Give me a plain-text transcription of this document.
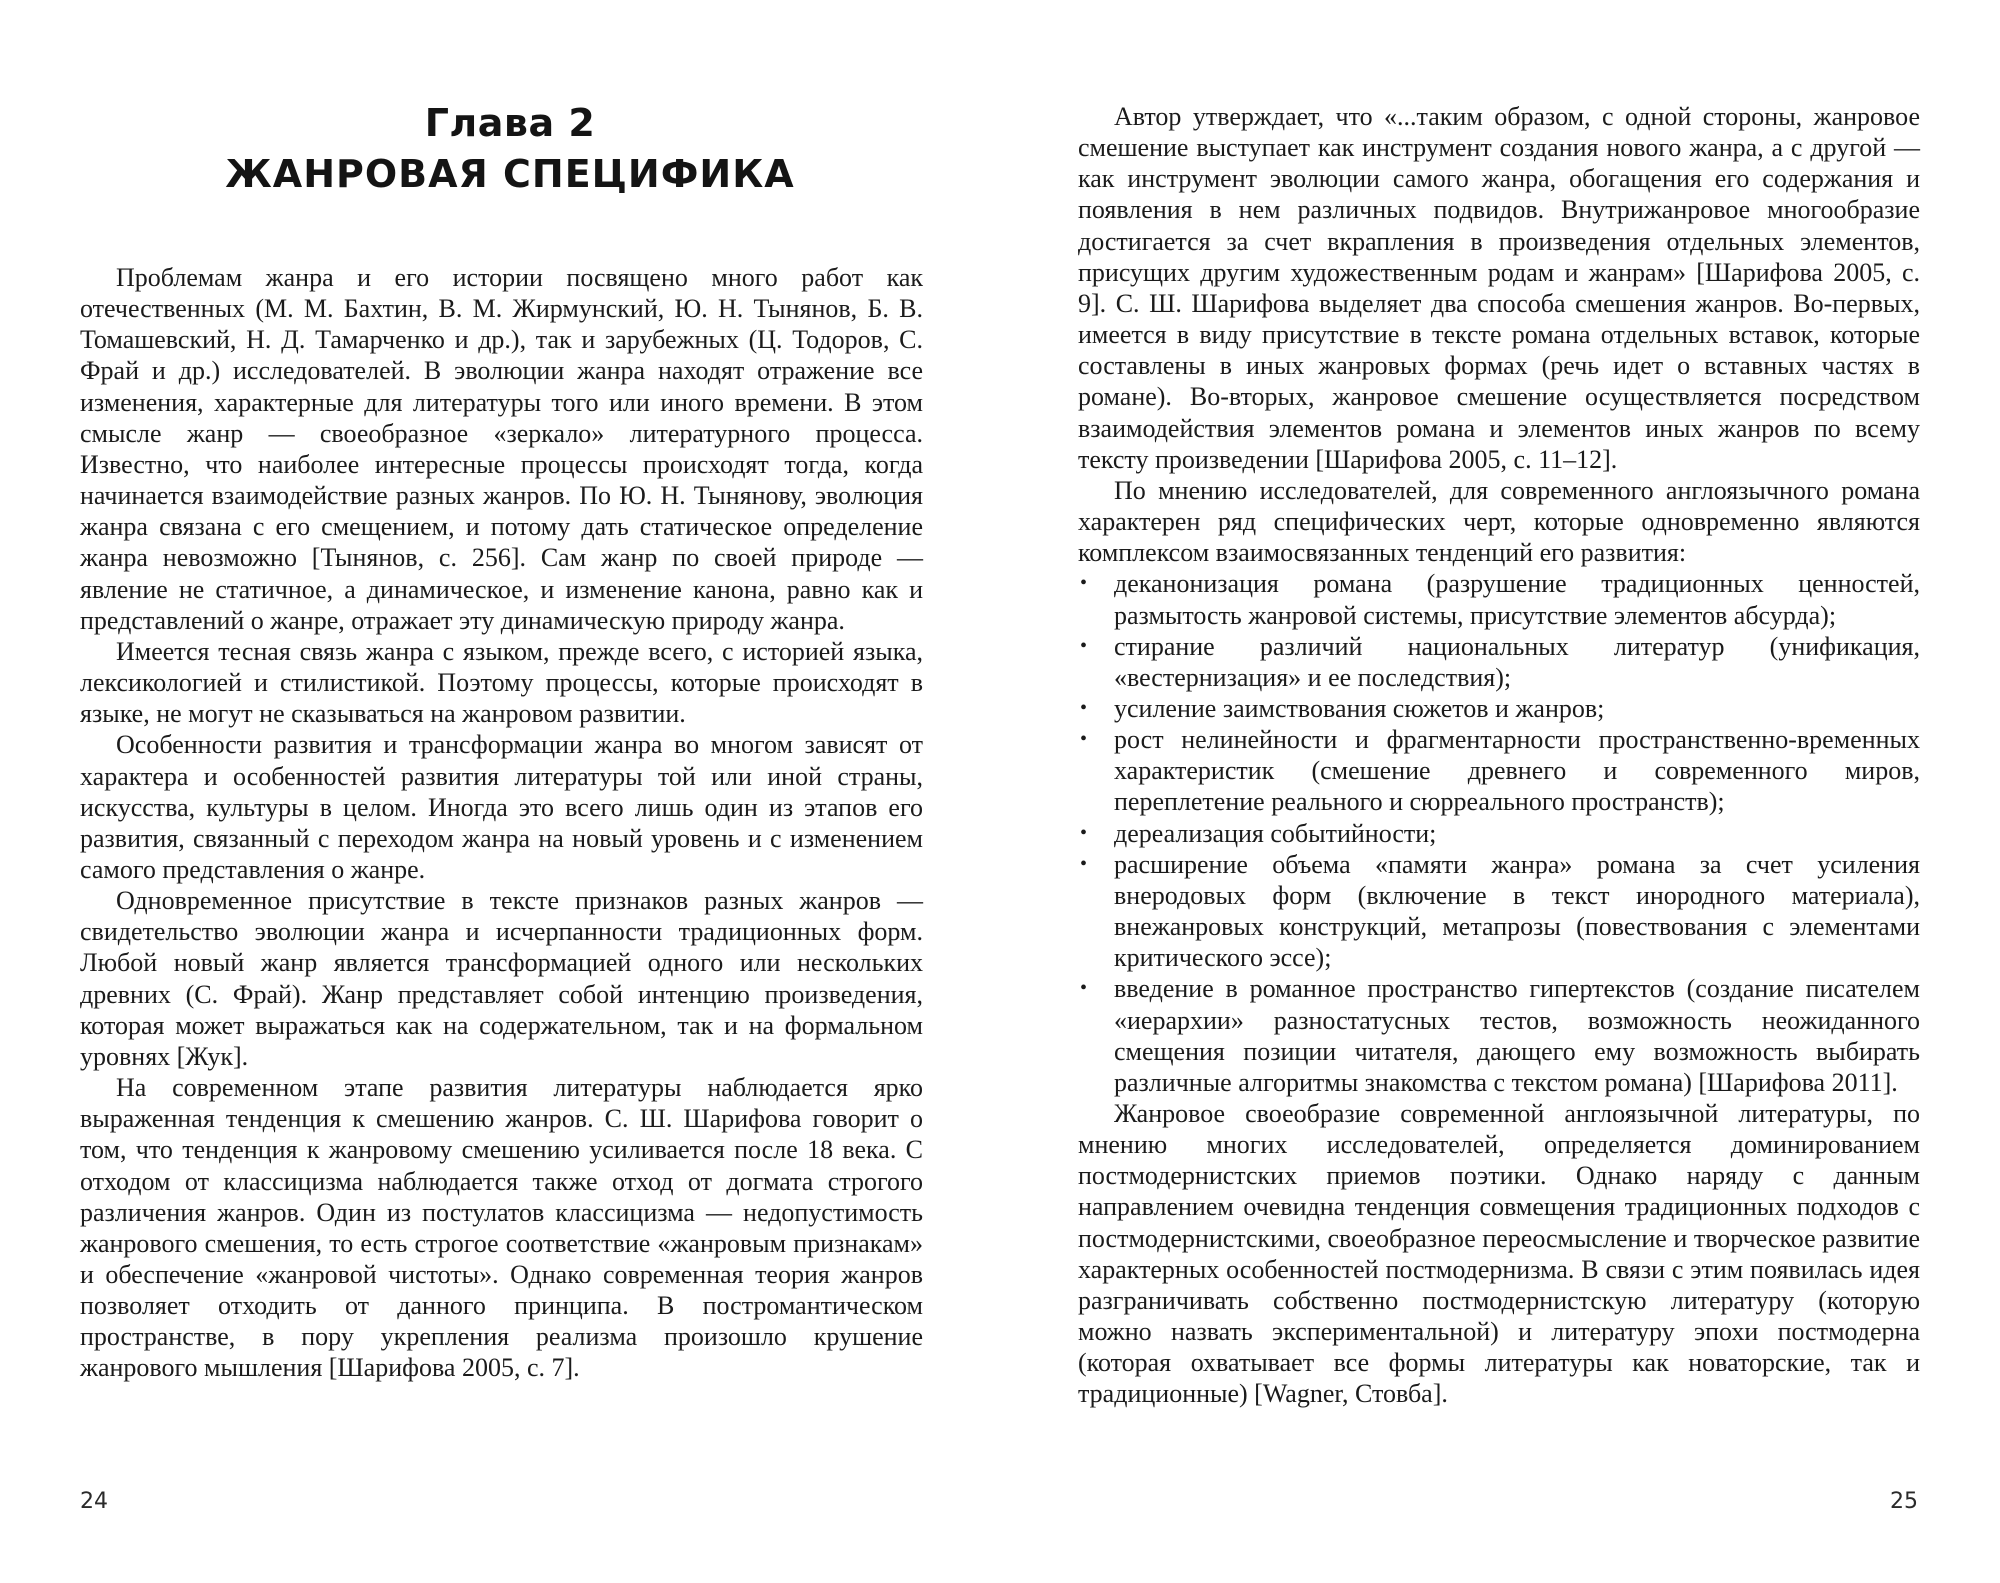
Глава 2
ЖАНРОВАЯ СПЕЦИФИКА

Проблемам жанра и его истории посвящено много работ как отечественных (М. М. Бахтин, В. М. Жирмунский, Ю. Н. Тынянов, Б. В. Томашевский, Н. Д. Тамарченко и др.), так и зарубежных (Ц. Тодоров, С. Фрай и др.) исследователей. В эволюции жанра находят отражение все изменения, характерные для литературы того или иного времени. В этом смысле жанр — своеобразное «зеркало» литературного процесса. Известно, что наиболее интересные процессы происходят тогда, когда начинается взаимодействие разных жанров. По Ю. Н. Тынянову, эволюция жанра связана с его смещением, и потому дать статическое определение жанра невозможно [Тынянов, с. 256]. Сам жанр по своей природе — явление не статичное, а динамическое, и изменение канона, равно как и представлений о жанре, отражает эту динамическую природу жанра.

Имеется тесная связь жанра с языком, прежде всего, с историей языка, лексикологией и стилистикой. Поэтому процессы, которые происходят в языке, не могут не сказываться на жанровом развитии.

Особенности развития и трансформации жанра во многом зависят от характера и особенностей развития литературы той или иной страны, искусства, культуры в целом. Иногда это всего лишь один из этапов его развития, связанный с переходом жанра на новый уровень и с изменением самого представления о жанре.

Одновременное присутствие в тексте признаков разных жанров — свидетельство эволюции жанра и исчерпанности традиционных форм. Любой новый жанр является трансформацией одного или нескольких древних (С. Фрай). Жанр представляет собой интенцию произведения, которая может выражаться как на содержательном, так и на формальном уровнях [Жук].

На современном этапе развития литературы наблюдается ярко выраженная тенденция к смешению жанров. С. Ш. Шарифова говорит о том, что тенденция к жанровому смешению усиливается после 18 века. С отходом от классицизма наблюдается также отход от догмата строгого различения жанров. Один из постулатов классицизма — недопустимость жанрового смешения, то есть строгое соответствие «жанровым признакам» и обеспечение «жанровой чистоты». Однако современная теория жанров позволяет отходить от данного принципа. В постромантическом пространстве, в пору укрепления реализма произошло крушение жанрового мышления [Шарифова 2005, с. 7].

24

Автор утверждает, что «...таким образом, с одной стороны, жанровое смешение выступает как инструмент создания нового жанра, а с другой — как инструмент эволюции самого жанра, обогащения его содержания и появления в нем различных подвидов. Внутрижанровое многообразие достигается за счет вкрапления в произведения отдельных элементов, присущих другим художественным родам и жанрам» [Шарифова 2005, с. 9]. С. Ш. Шарифова выделяет два способа смешения жанров. Во-первых, имеется в виду присутствие в тексте романа отдельных вставок, которые составлены в иных жанровых формах (речь идет о вставных частях в романе). Во-вторых, жанровое смешение осуществляется посредством взаимодействия элементов романа и элементов иных жанров по всему тексту произведении [Шарифова 2005, с. 11–12].

По мнению исследователей, для современного англоязычного романа характерен ряд специфических черт, которые одновременно являются комплексом взаимосвязанных тенденций его развития:

• деканонизация романа (разрушение традиционных ценностей, размытость жанровой системы, присутствие элементов абсурда);
• стирание различий национальных литератур (унификация, «вестернизация» и ее последствия);
• усиление заимствования сюжетов и жанров;
• рост нелинейности и фрагментарности пространственно-временных характеристик (смешение древнего и современного миров, переплетение реального и сюрреального пространств);
• дереализация событийности;
• расширение объема «памяти жанра» романа за счет усиления внеродовых форм (включение в текст инородного материала), внежанровых конструкций, метапрозы (повествования с элементами критического эссе);
• введение в романное пространство гипертекстов (создание писателем «иерархии» разностатусных тестов, возможность неожиданного смещения позиции читателя, дающего ему возможность выбирать различные алгоритмы знакомства с текстом романа) [Шарифова 2011].

Жанровое своеобразие современной англоязычной литературы, по мнению многих исследователей, определяется доминированием постмодернистских приемов поэтики. Однако наряду с данным направлением очевидна тенденция совмещения традиционных подходов с постмодернистскими, своеобразное переосмысление и творческое развитие характерных особенностей постмодернизма. В связи с этим появилась идея разграничивать собственно постмодернистскую литературу (которую можно назвать экспериментальной) и литературу эпохи постмодерна (которая охватывает все формы литературы как новаторские, так и традиционные) [Wagner, Стовба].

25
